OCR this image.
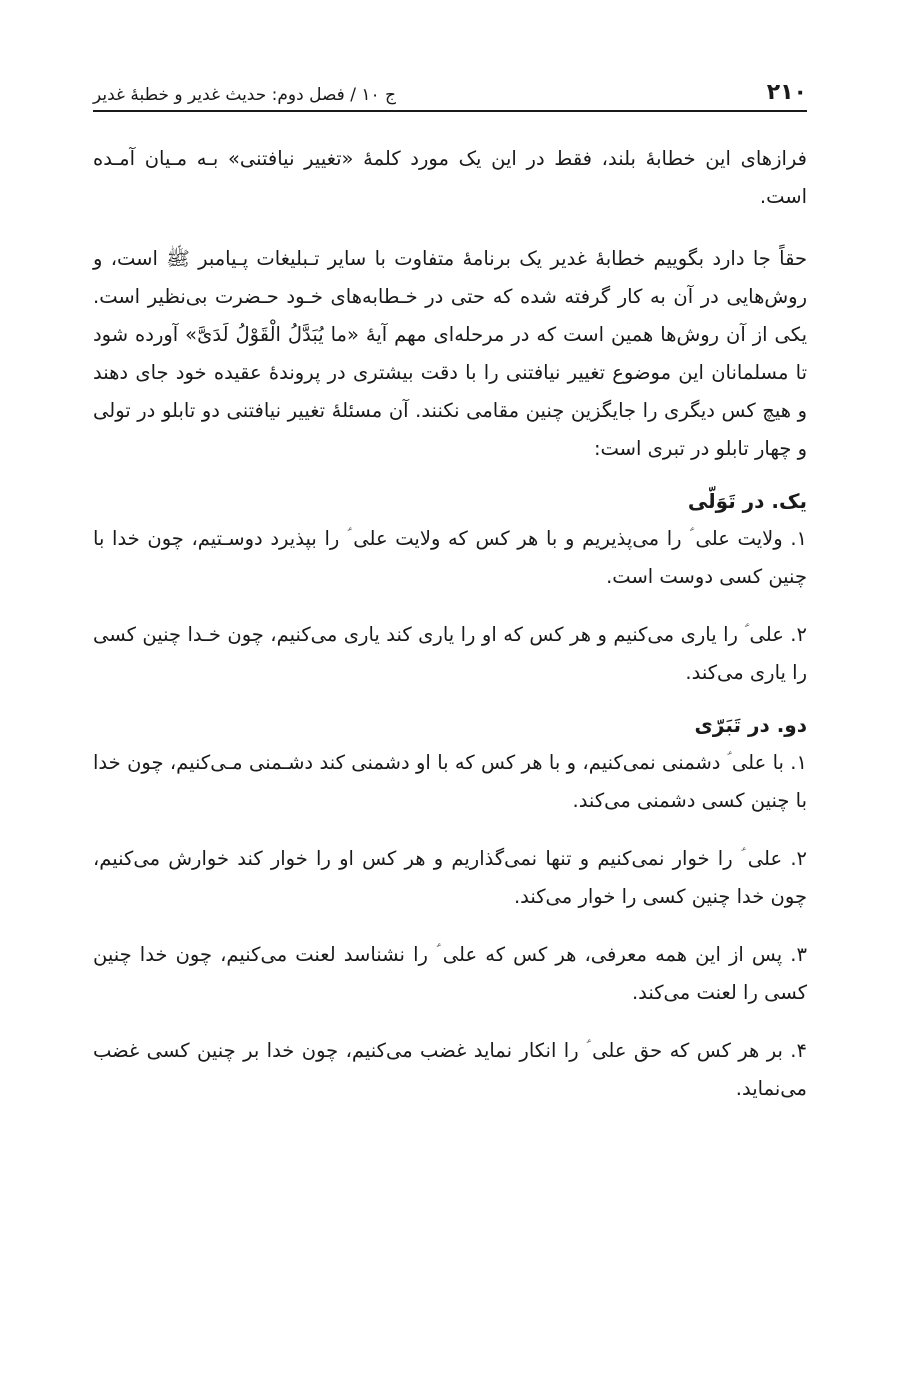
۲۱۰
ج ۱۰ / فصل دوم: حدیث غدیر و خطبهٔ غدیر

فرازهای این خطابهٔ بلند، فقط در این یک مورد کلمهٔ «تغییر نیافتنی» بـه مـیان آمـده است.

حقاً جا دارد بگوییم خطابهٔ غدیر یک برنامهٔ متفاوت با سایر تـبلیغات پـیامبر ﷺ است، و روش‌هایی در آن به کار گرفته شده که حتی در خـطابه‌های خـود حـضرت بی‌نظیر است. یکی از آن روش‌ها همین است که در مرحله‌ای مهم آیهٔ «ما یُبَدَّلُ الْقَوْلُ لَدَیَّ» آورده شود تا مسلمانان این موضوع تغییر نیافتنی را با دقت بیشتری در پروندهٔ عقیده خود جای دهند و هیچ کس دیگری را جایگزین چنین مقامی نکنند. آن مسئلهٔ تغییر نیافتنی دو تابلو در تولی و چهار تابلو در تبری است:

یک. در تَوَلّی

۱. ولایت علی ؑ را می‌پذیریم و با هر کس که ولایت علی ؑ را بپذیرد دوسـتیم، چون خدا با چنین کسی دوست است.

۲. علی ؑ را یاری می‌کنیم و هر کس که او را یاری کند یاری می‌کنیم، چون خـدا چنین کسی را یاری می‌کند.

دو. در تَبَرّی

۱. با علی ؑ دشمنی نمی‌کنیم، و با هر کس که با او دشمنی کند دشـمنی مـی‌کنیم، چون خدا با چنین کسی دشمنی می‌کند.

۲. علی ؑ را خوار نمی‌کنیم و تنها نمی‌گذاریم و هر کس او را خوار کند خوارش می‌کنیم، چون خدا چنین کسی را خوار می‌کند.

۳. پس از این همه معرفی، هر کس که علی ؑ را نشناسد لعنت می‌کنیم، چون خدا چنین کسی را لعنت می‌کند.

۴. بر هر کس که حق علی ؑ را انکار نماید غضب می‌کنیم، چون خدا بر چنین کسی غضب می‌نماید.
